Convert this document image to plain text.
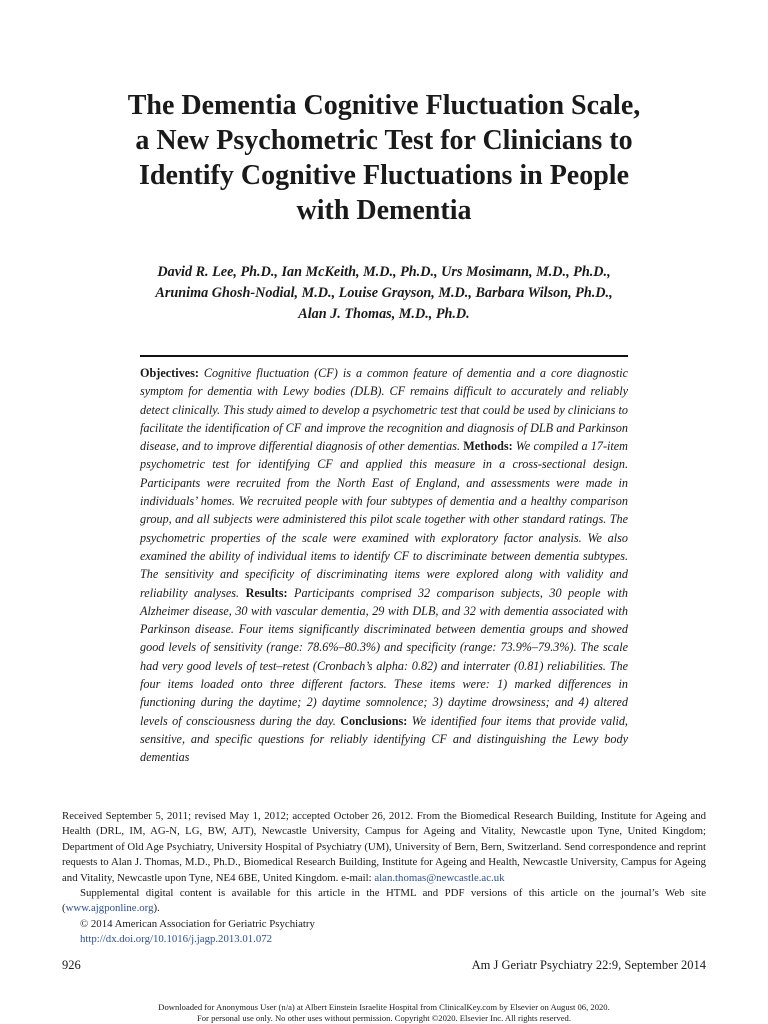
The Dementia Cognitive Fluctuation Scale,
a New Psychometric Test for Clinicians to
Identify Cognitive Fluctuations in People
with Dementia
David R. Lee, Ph.D., Ian McKeith, M.D., Ph.D., Urs Mosimann, M.D., Ph.D.,
Arunima Ghosh-Nodial, M.D., Louise Grayson, M.D., Barbara Wilson, Ph.D.,
Alan J. Thomas, M.D., Ph.D.
Objectives: Cognitive fluctuation (CF) is a common feature of dementia and a core diagnostic symptom for dementia with Lewy bodies (DLB). CF remains difficult to accurately and reliably detect clinically. This study aimed to develop a psychometric test that could be used by clinicians to facilitate the identification of CF and improve the recognition and diagnosis of DLB and Parkinson disease, and to improve differential diagnosis of other dementias. Methods: We compiled a 17-item psychometric test for identifying CF and applied this measure in a cross-sectional design. Participants were recruited from the North East of England, and assessments were made in individuals’ homes. We recruited people with four subtypes of dementia and a healthy comparison group, and all subjects were administered this pilot scale together with other standard ratings. The psychometric properties of the scale were examined with exploratory factor analysis. We also examined the ability of individual items to identify CF to discriminate between dementia subtypes. The sensitivity and specificity of discriminating items were explored along with validity and reliability analyses. Results: Participants comprised 32 comparison subjects, 30 people with Alzheimer disease, 30 with vascular dementia, 29 with DLB, and 32 with dementia associated with Parkinson disease. Four items significantly discriminated between dementia groups and showed good levels of sensitivity (range: 78.6%–80.3%) and specificity (range: 73.9%–79.3%). The scale had very good levels of test–retest (Cronbach’s alpha: 0.82) and interrater (0.81) reliabilities. The four items loaded onto three different factors. These items were: 1) marked differences in functioning during the daytime; 2) daytime somnolence; 3) daytime drowsiness; and 4) altered levels of consciousness during the day. Conclusions: We identified four items that provide valid, sensitive, and specific questions for reliably identifying CF and distinguishing the Lewy body dementias

Received September 5, 2011; revised May 1, 2012; accepted October 26, 2012. From the Biomedical Research Building, Institute for Ageing and Health (DRL, IM, AG-N, LG, BW, AJT), Newcastle University, Campus for Ageing and Vitality, Newcastle upon Tyne, United Kingdom; Department of Old Age Psychiatry, University Hospital of Psychiatry (UM), University of Bern, Bern, Switzerland. Send correspondence and reprint requests to Alan J. Thomas, M.D., Ph.D., Biomedical Research Building, Institute for Ageing and Health, Newcastle University, Campus for Ageing and Vitality, Newcastle upon Tyne, NE4 6BE, United Kingdom. e-mail: alan.thomas@newcastle.ac.uk

Supplemental digital content is available for this article in the HTML and PDF versions of this article on the journal’s Web site (www.ajgponline.org).

© 2014 American Association for Geriatric Psychiatry

http://dx.doi.org/10.1016/j.jagp.2013.01.072

926	Am J Geriatr Psychiatry 22:9, September 2014
Downloaded for Anonymous User (n/a) at Albert Einstein Israelite Hospital from ClinicalKey.com by Elsevier on August 06, 2020.
For personal use only. No other uses without permission. Copyright ©2020. Elsevier Inc. All rights reserved.
